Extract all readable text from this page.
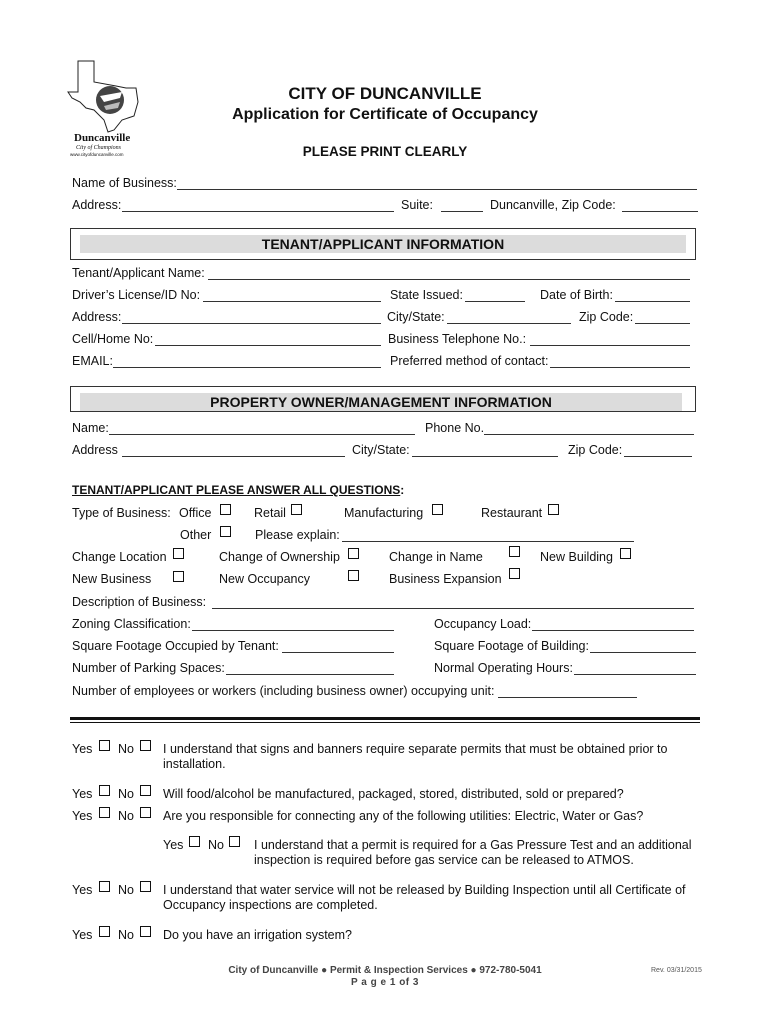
Duncanville
City of Champions
www.cityofduncanville.com
CITY OF DUNCANVILLE
Application for Certificate of Occupancy
PLEASE PRINT CLEARLY
Name of Business:
Address:	Suite:	Duncanville, Zip Code:
TENANT/APPLICANT INFORMATION
Tenant/Applicant Name:
Driver’s License/ID No:	State Issued:	Date of Birth:
Address:	City/State:	Zip Code:
Cell/Home No:	Business Telephone No.:
EMAIL:	Preferred method of contact:
PROPERTY OWNER/MANAGEMENT INFORMATION
Name:	Phone No.
Address	City/State:	Zip Code:
TENANT/APPLICANT PLEASE ANSWER ALL QUESTIONS:
Type of Business: Office	Retail	Manufacturing	Restaurant
Other	Please explain:
Change Location	Change of Ownership	Change in Name	New Building
New Business	New Occupancy	Business Expansion
Description of Business:
Zoning Classification:	Occupancy Load:
Square Footage Occupied by Tenant:	Square Footage of Building:
Number of Parking Spaces:	Normal Operating Hours:
Number of employees or workers (including business owner) occupying unit:
Yes No I understand that signs and banners require separate permits that must be obtained prior to
installation.
Yes No Will food/alcohol be manufactured, packaged, stored, distributed, sold or prepared?
Yes No Are you responsible for connecting any of the following utilities: Electric, Water or Gas?
Yes No I understand that a permit is required for a Gas Pressure Test and an additional
inspection is required before gas service can be released to ATMOS.
Yes No I understand that water service will not be released by Building Inspection until all Certificate of
Occupancy inspections are completed.
Yes No Do you have an irrigation system?
City of Duncanville ● Permit & Inspection Services ● 972-780-5041
P a g e 1 of 3
Rev. 03/31/2015
